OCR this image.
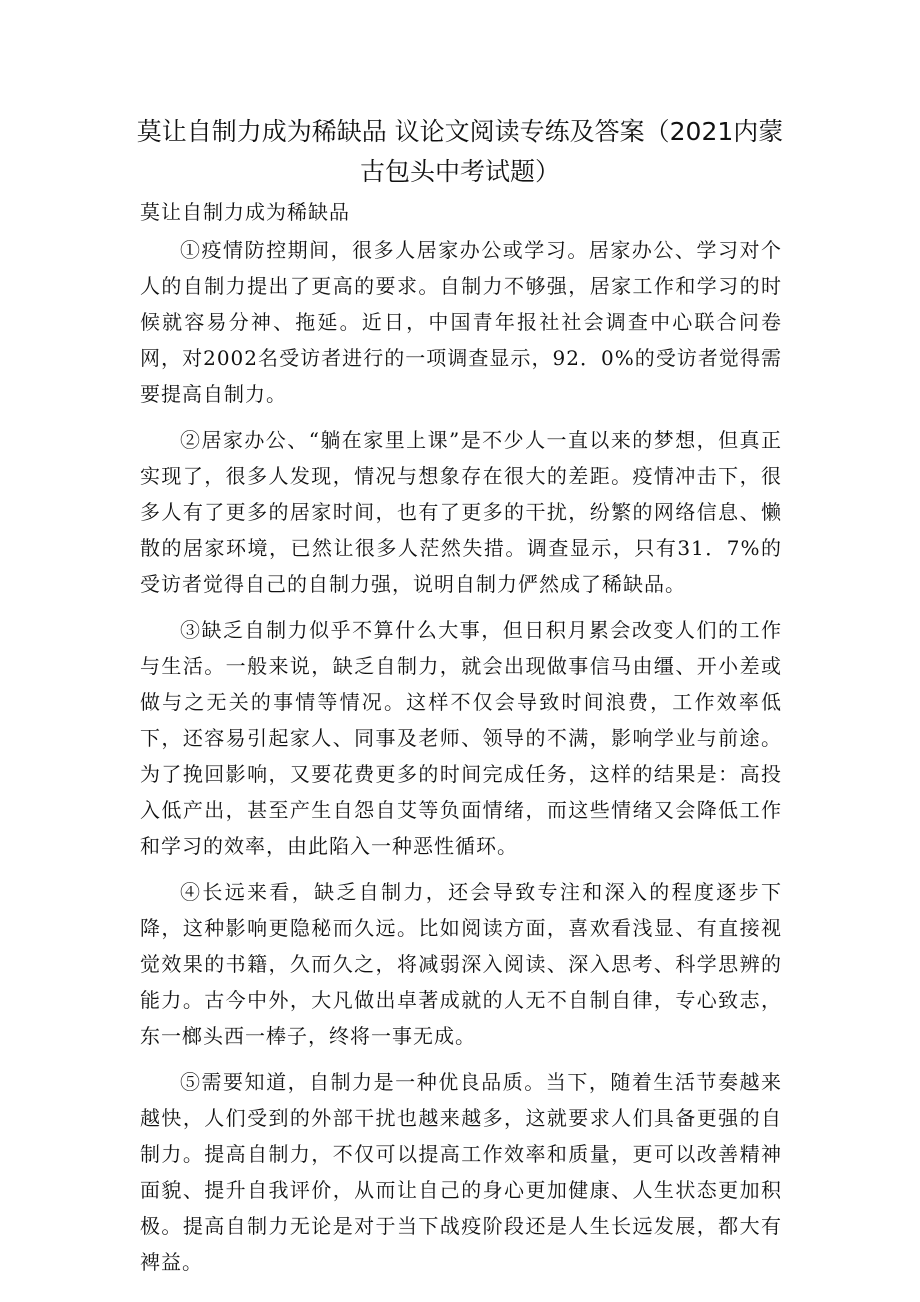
莫让自制力成为稀缺品 议论文阅读专练及答案（2021内蒙古包头中考试题）
莫让自制力成为稀缺品

①疫情防控期间，很多人居家办公或学习。居家办公、学习对个人的自制力提出了更高的要求。自制力不够强，居家工作和学习的时候就容易分神、拖延。近日，中国青年报社社会调查中心联合问卷网，对2002名受访者进行的一项调查显示，92．0%的受访者觉得需要提高自制力。

②居家办公、“躺在家里上课”是不少人一直以来的梦想，但真正实现了，很多人发现，情况与想象存在很大的差距。疫情冲击下，很多人有了更多的居家时间，也有了更多的干扰，纷繁的网络信息、懒散的居家环境，已然让很多人茫然失措。调查显示，只有31．7%的受访者觉得自己的自制力强，说明自制力俨然成了稀缺品。

③缺乏自制力似乎不算什么大事，但日积月累会改变人们的工作与生活。一般来说，缺乏自制力，就会出现做事信马由缰、开小差或做与之无关的事情等情况。这样不仅会导致时间浪费，工作效率低下，还容易引起家人、同事及老师、领导的不满，影响学业与前途。为了挽回影响，又要花费更多的时间完成任务，这样的结果是：高投入低产出，甚至产生自怨自艾等负面情绪，而这些情绪又会降低工作和学习的效率，由此陷入一种恶性循环。

④长远来看，缺乏自制力，还会导致专注和深入的程度逐步下降，这种影响更隐秘而久远。比如阅读方面，喜欢看浅显、有直接视觉效果的书籍，久而久之，将减弱深入阅读、深入思考、科学思辨的能力。古今中外，大凡做出卓著成就的人无不自制自律，专心致志，东一榔头西一棒子，终将一事无成。

⑤需要知道，自制力是一种优良品质。当下，随着生活节奏越来越快，人们受到的外部干扰也越来越多，这就要求人们具备更强的自制力。提高自制力，不仅可以提高工作效率和质量，更可以改善精神面貌、提升自我评价，从而让自己的身心更加健康、人生状态更加积极。提高自制力无论是对于当下战疫阶段还是人生长远发展，都大有裨益。
